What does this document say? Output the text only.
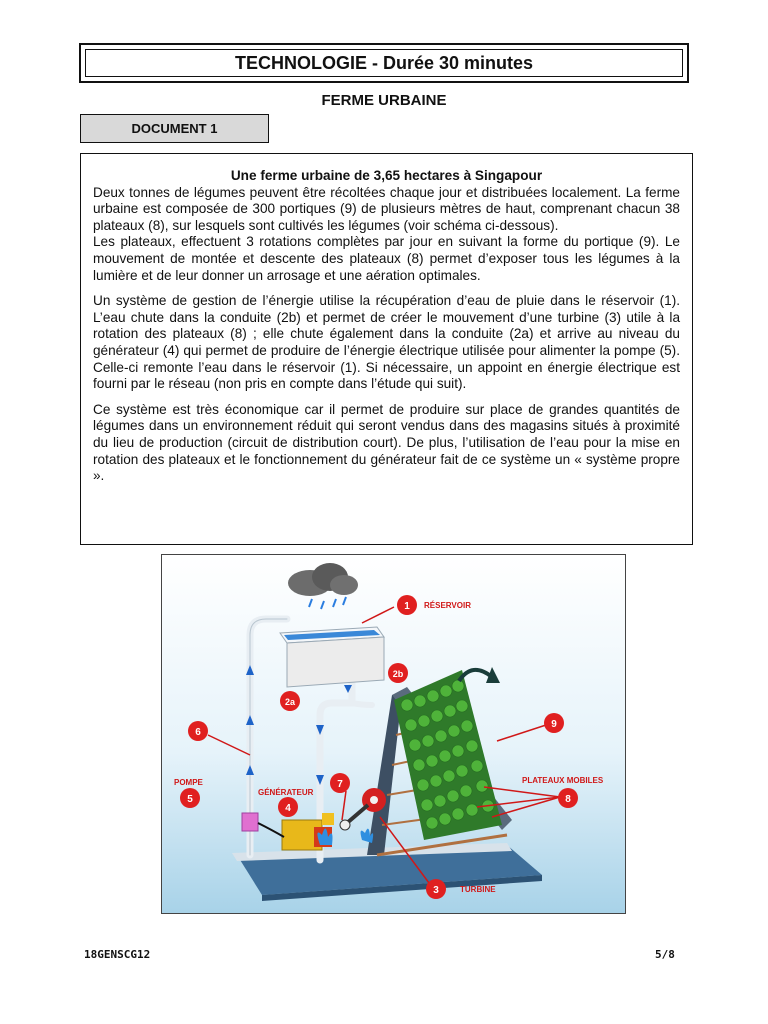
TECHNOLOGIE - Durée 30 minutes
FERME URBAINE
DOCUMENT 1

Une ferme urbaine de 3,65 hectares à Singapour

Deux tonnes de légumes peuvent être récoltées chaque jour et distribuées localement. La ferme urbaine est composée de 300 portiques (9) de plusieurs mètres de haut, comprenant chacun 38 plateaux (8), sur lesquels sont cultivés les légumes (voir schéma ci-dessous).

Les plateaux, effectuent 3 rotations complètes par jour en suivant la forme du portique (9). Le mouvement de montée et descente des plateaux (8) permet d’exposer tous les légumes à la lumière et de leur donner un arrosage et une aération optimales.

Un système de gestion de l’énergie utilise la récupération d’eau de pluie dans le réservoir (1). L’eau chute dans la conduite (2b) et permet de créer le mouvement d’une turbine (3) utile à la rotation des plateaux (8) ; elle chute également dans la conduite (2a) et arrive au niveau du générateur (4) qui permet de produire de l’énergie électrique utilisée pour alimenter la pompe (5). Celle-ci remonte l’eau dans le réservoir (1). Si nécessaire, un appoint en énergie électrique est fourni par le réseau (non pris en compte dans l’étude qui suit).

Ce système est très économique car il permet de produire sur place de grandes quantités de légumes dans un environnement réduit qui seront vendus dans des magasins situés à proximité du lieu de production (circuit de distribution court). De plus, l’utilisation de l’eau pour la mise en rotation des plateaux et le fonctionnement du générateur fait de ce système un « système propre ».

1
2b
2a
6
9
5
4
7
8
3
RÉSERVOIR
POMPE
GÉNÉRATEUR
PLATEAUX MOBILES
TURBINE
18GENSCG12	5/8
